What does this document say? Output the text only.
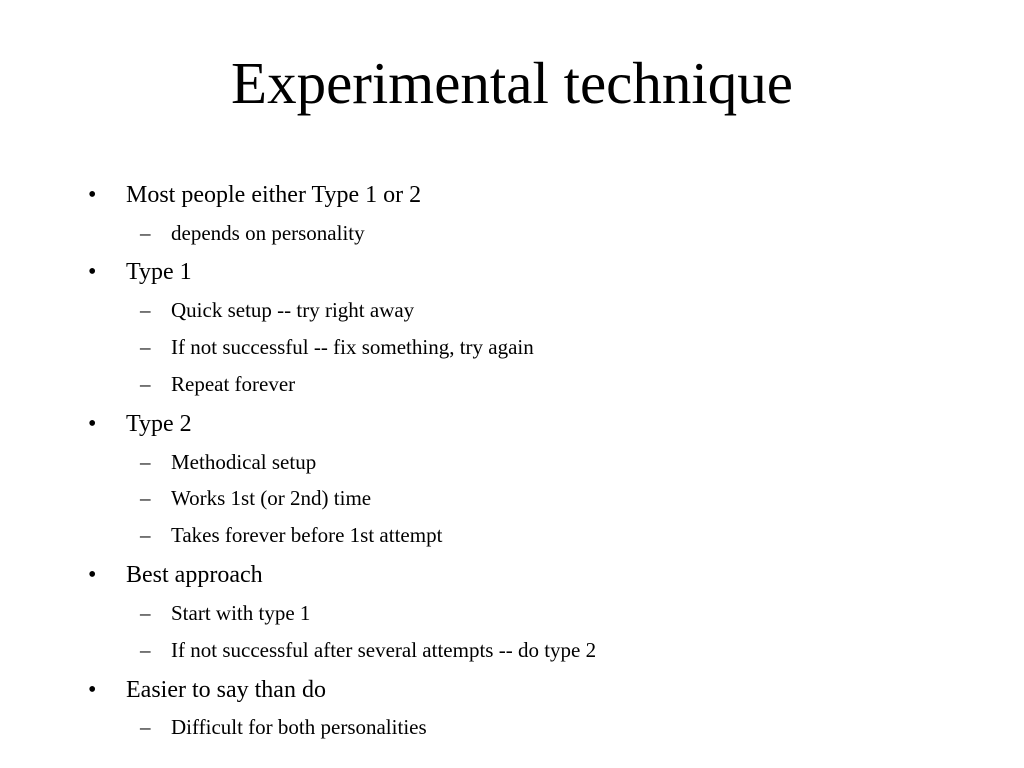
Experimental technique
• Most people either Type 1 or 2
– depends on personality
• Type 1
– Quick setup -- try right away
– If not successful -- fix something, try again
– Repeat forever
• Type 2
– Methodical setup
– Works 1st (or 2nd) time
– Takes forever before 1st attempt
• Best approach
– Start with type 1
– If not successful after several attempts -- do type 2
• Easier to say than do
– Difficult for both personalities
